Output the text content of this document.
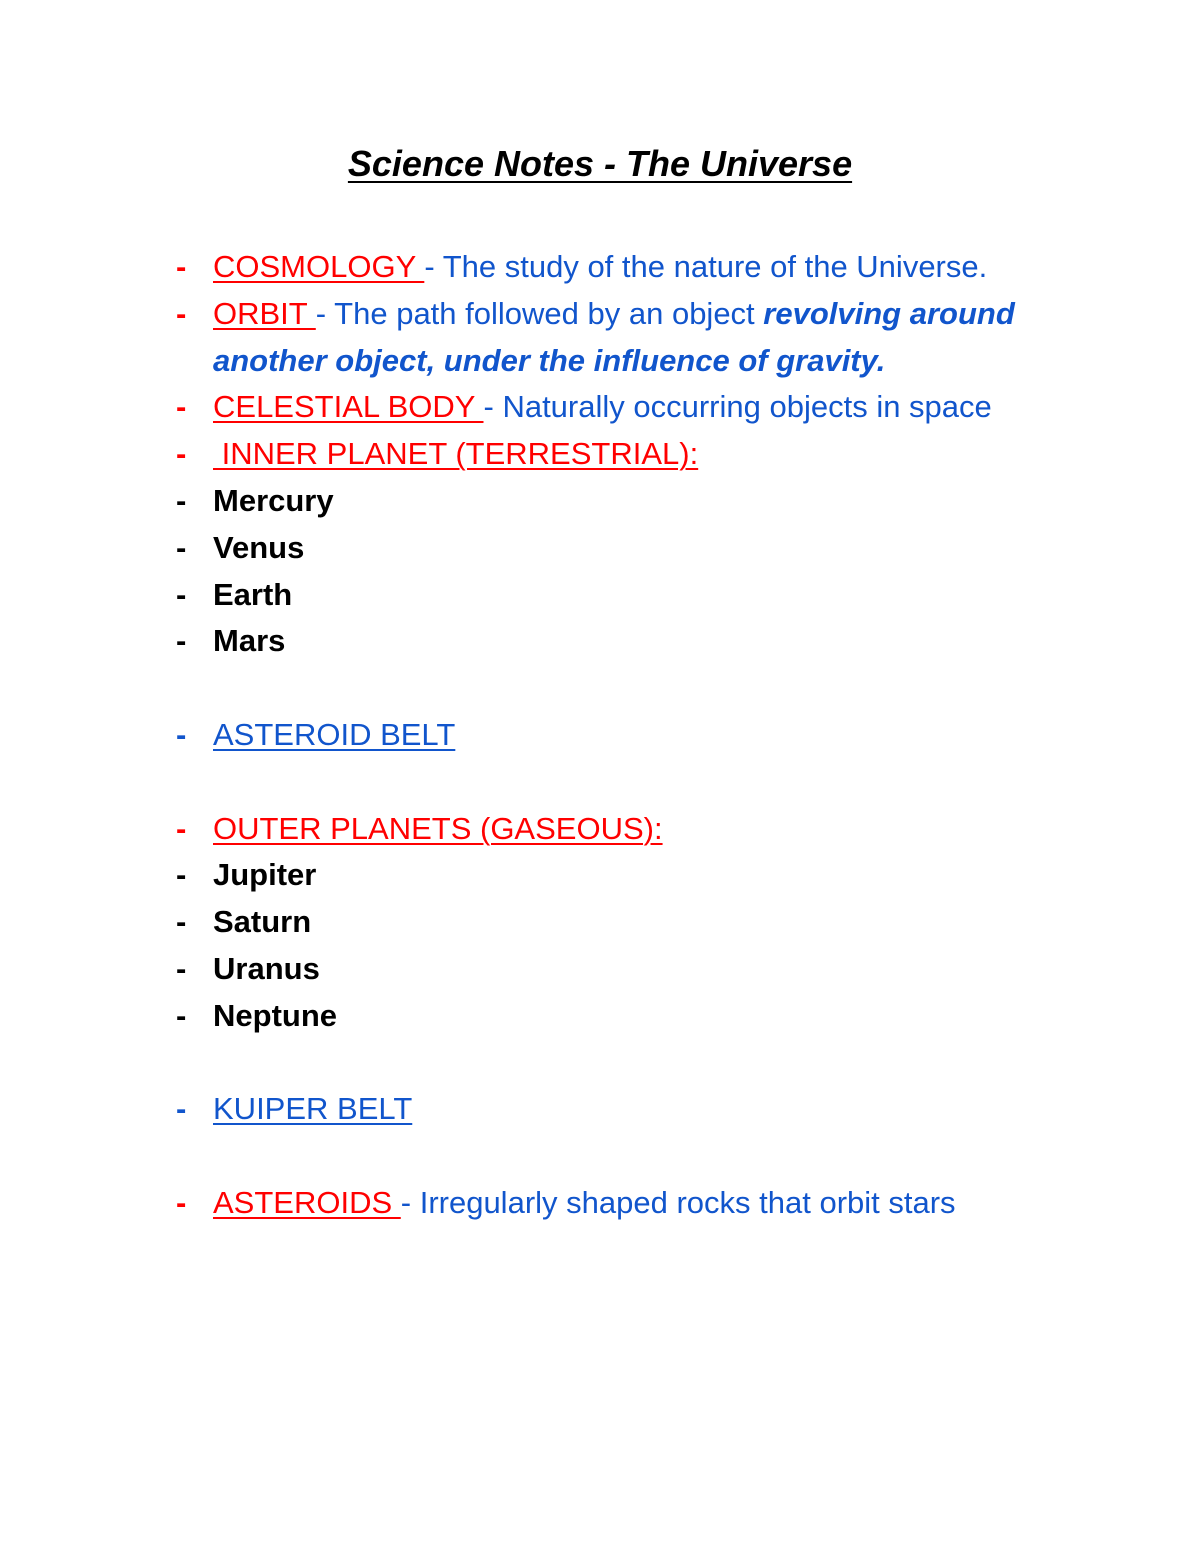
Science Notes - The Universe
- COSMOLOGY - The study of the nature of the Universe.
- ORBIT - The path followed by an object revolving around another object, under the influence of gravity.
- CELESTIAL BODY - Naturally occurring objects in space
- INNER PLANET (TERRESTRIAL):
- Mercury
- Venus
- Earth
- Mars
- ASTEROID BELT
- OUTER PLANETS (GASEOUS):
- Jupiter
- Saturn
- Uranus
- Neptune
- KUIPER BELT
- ASTEROIDS - Irregularly shaped rocks that orbit stars
